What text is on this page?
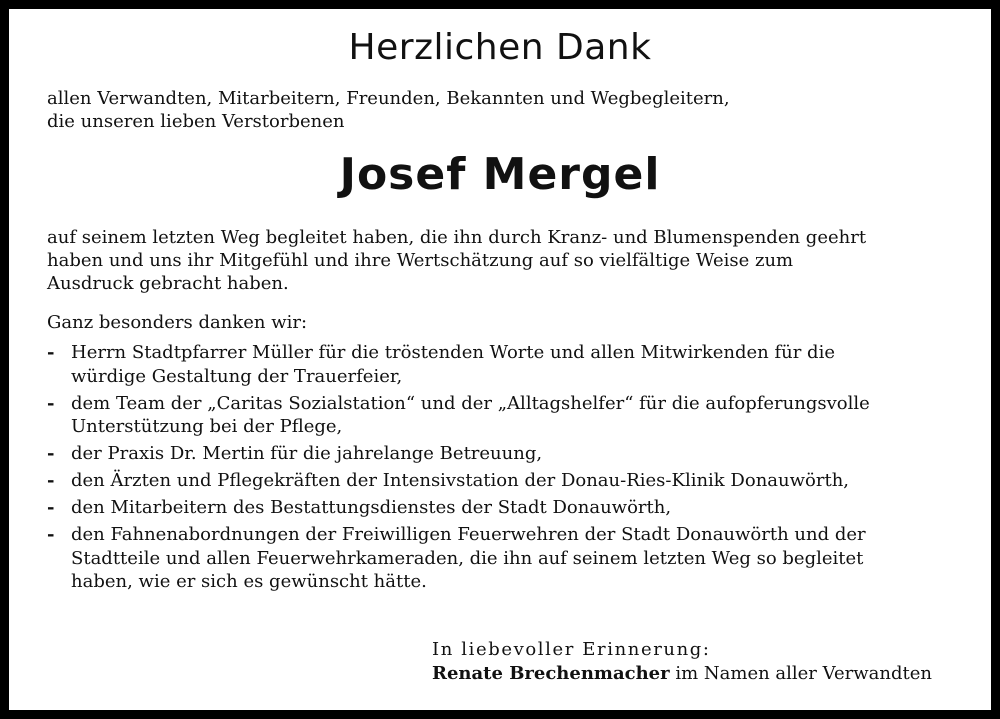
Herzlichen Dank
allen Verwandten, Mitarbeitern, Freunden, Bekannten und Wegbegleitern,
die unseren lieben Verstorbenen
Josef Mergel
auf seinem letzten Weg begleitet haben, die ihn durch Kranz- und Blumenspenden geehrt
haben und uns ihr Mitgefühl und ihre Wertschätzung auf so vielfältige Weise zum
Ausdruck gebracht haben.
Ganz besonders danken wir:
- Herrn Stadtpfarrer Müller für die tröstenden Worte und allen Mitwirkenden für die
würdige Gestaltung der Trauerfeier,
- dem Team der „Caritas Sozialstation“ und der „Alltagshelfer“ für die aufopferungsvolle
Unterstützung bei der Pflege,
- der Praxis Dr. Mertin für die jahrelange Betreuung,
- den Ärzten und Pflegekräften der Intensivstation der Donau-Ries-Klinik Donauwörth,
- den Mitarbeitern des Bestattungsdienstes der Stadt Donauwörth,
- den Fahnenabordnungen der Freiwilligen Feuerwehren der Stadt Donauwörth und der
Stadtteile und allen Feuerwehrkameraden, die ihn auf seinem letzten Weg so begleitet
haben, wie er sich es gewünscht hätte.
In liebevoller Erinnerung:
Renate Brechenmacher im Namen aller Verwandten
